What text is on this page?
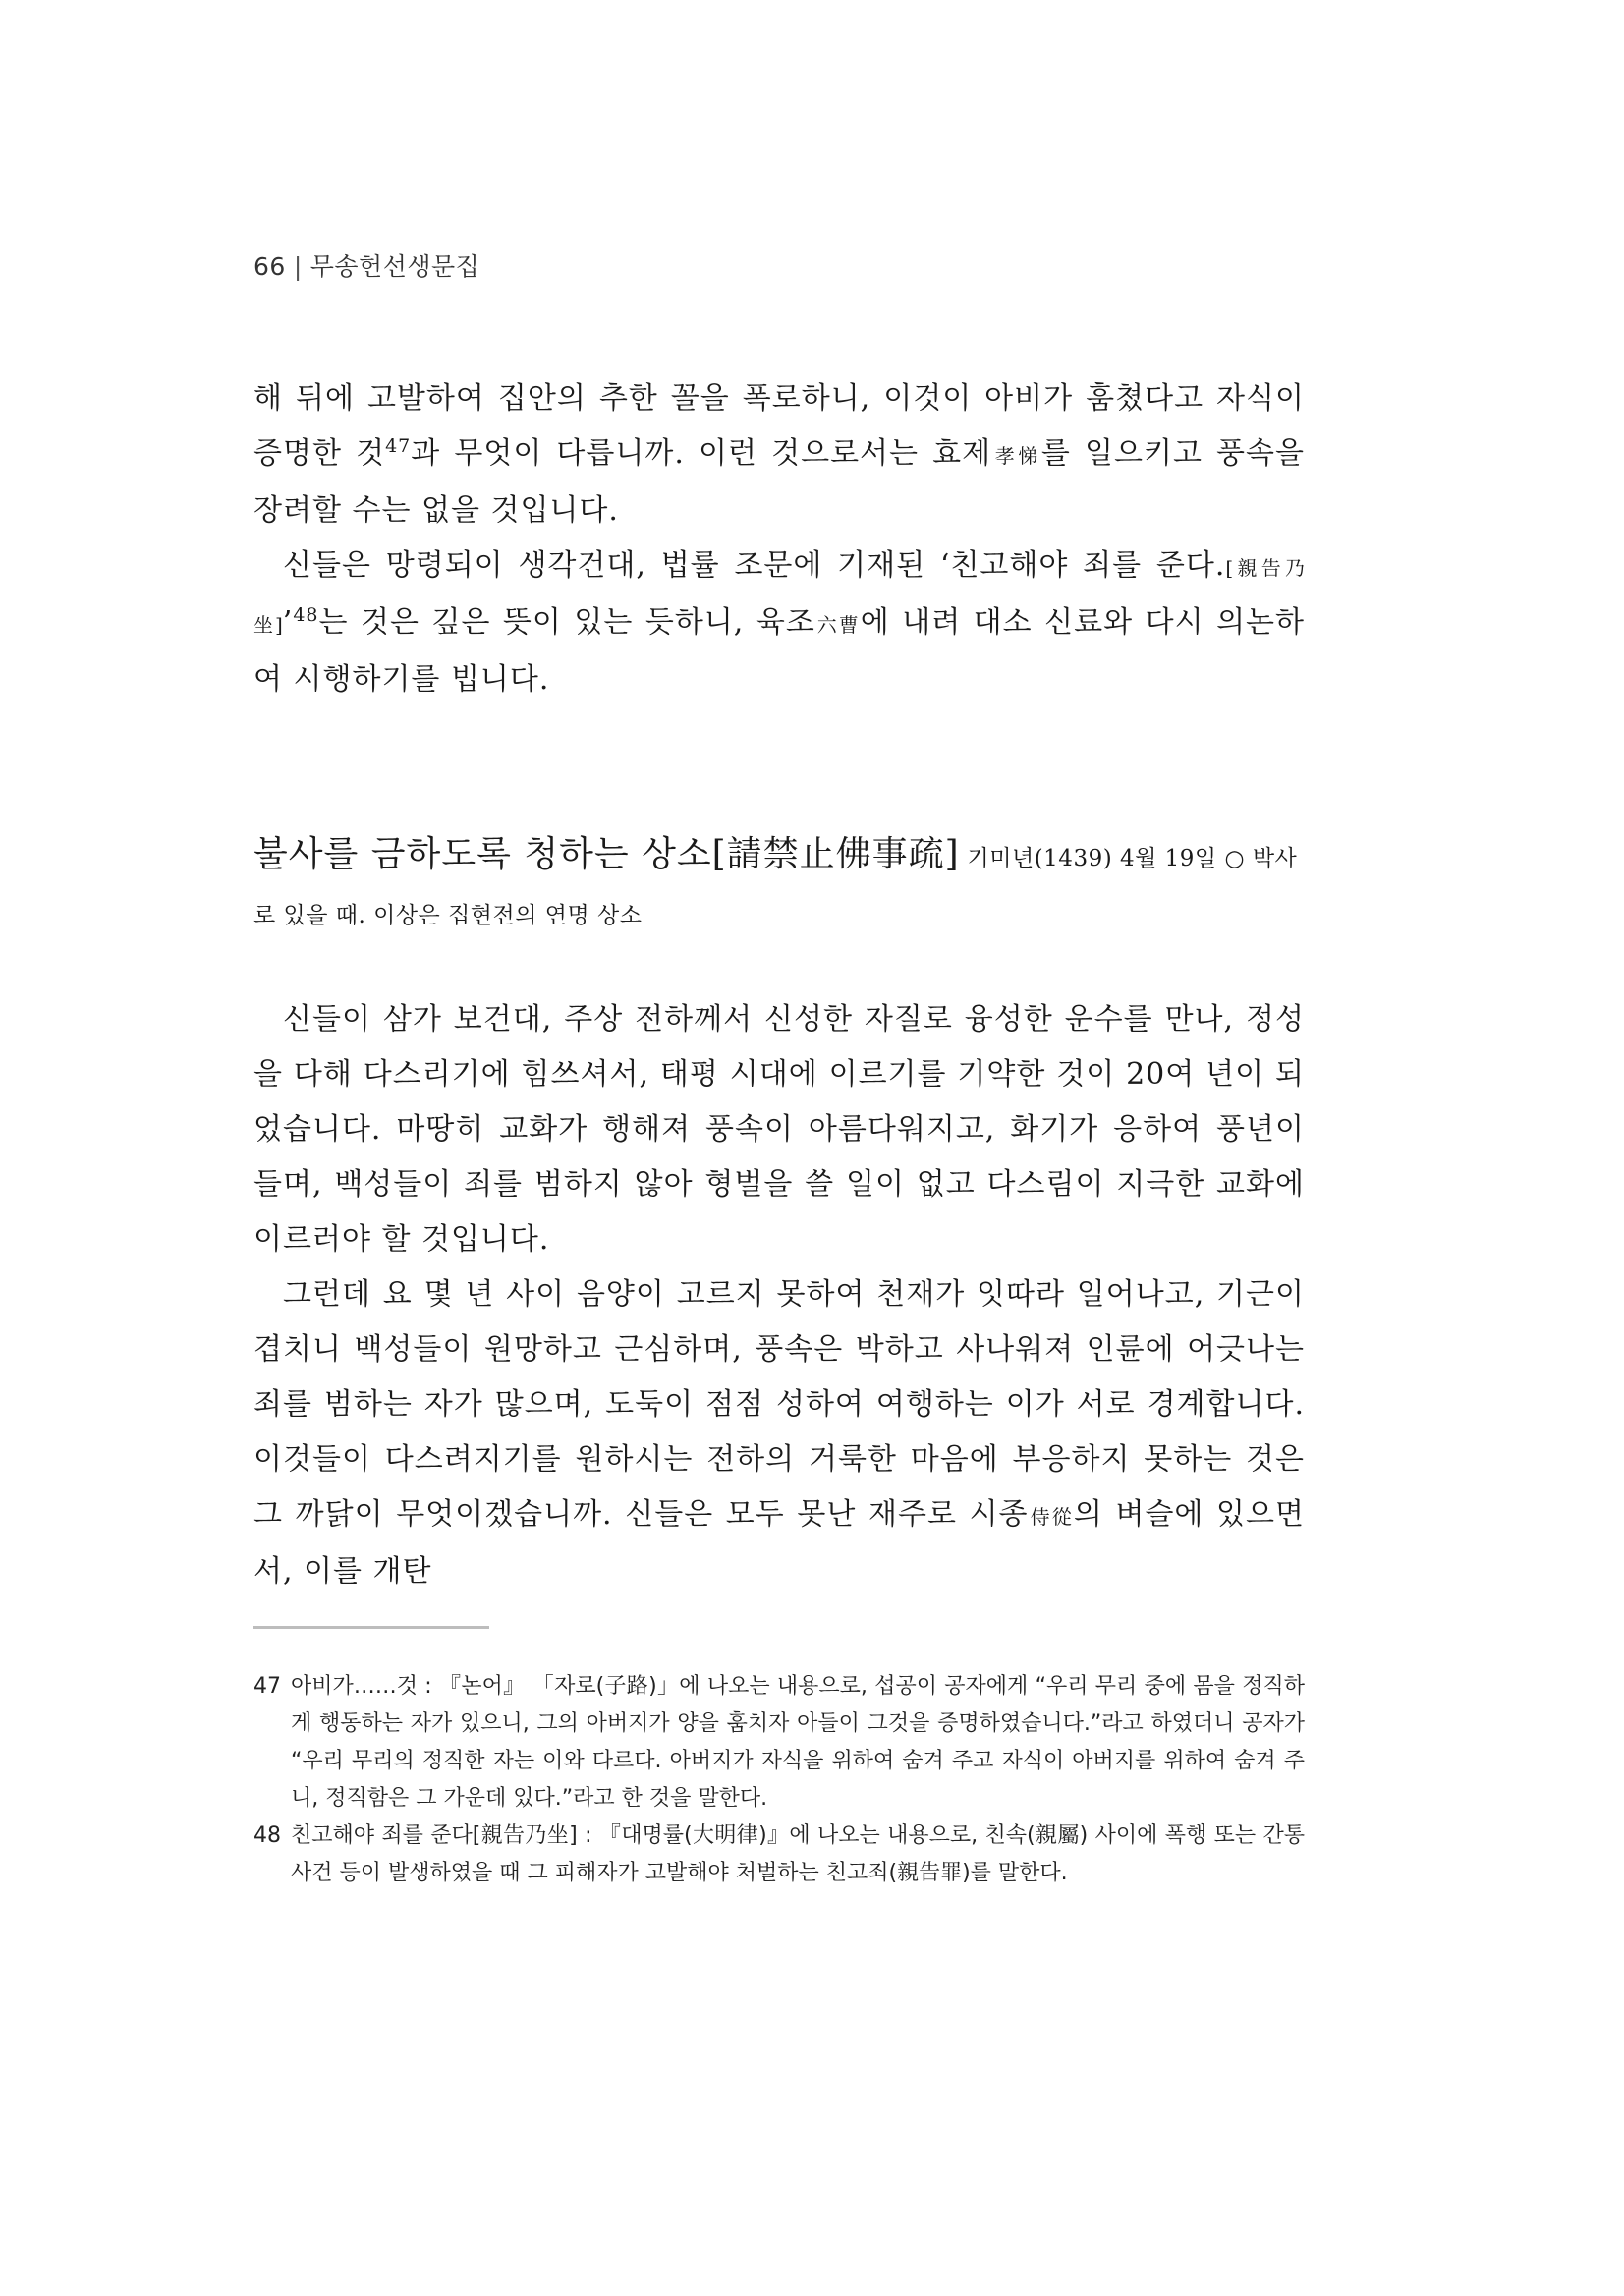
66 | 무송헌선생문집

해 뒤에 고발하여 집안의 추한 꼴을 폭로하니, 이것이 아비가 훔쳤다고 자식이 증명한 것$^{47}$과 무엇이 다릅니까. 이런 것으로서는 효제孝悌를 일으키고 풍속을 장려할 수는 없을 것입니다.

신들은 망령되이 생각건대, 법률 조문에 기재된 ‘친고해야 죄를 준다.[親告乃坐]’$^{48}$는 것은 깊은 뜻이 있는 듯하니, 육조六曹에 내려 대소 신료와 다시 의논하여 시행하기를 빕니다.

불사를 금하도록 청하는 상소[請禁止佛事疏] 기미년(1439) 4월 19일 ○ 박사로 있을 때. 이상은 집현전의 연명 상소

신들이 삼가 보건대, 주상 전하께서 신성한 자질로 융성한 운수를 만나, 정성을 다해 다스리기에 힘쓰셔서, 태평 시대에 이르기를 기약한 것이 20여 년이 되었습니다. 마땅히 교화가 행해져 풍속이 아름다워지고, 화기가 응하여 풍년이 들며, 백성들이 죄를 범하지 않아 형벌을 쓸 일이 없고 다스림이 지극한 교화에 이르러야 할 것입니다.

그런데 요 몇 년 사이 음양이 고르지 못하여 천재가 잇따라 일어나고, 기근이 겹치니 백성들이 원망하고 근심하며, 풍속은 박하고 사나워져 인륜에 어긋나는 죄를 범하는 자가 많으며, 도둑이 점점 성하여 여행하는 이가 서로 경계합니다. 이것들이 다스려지기를 원하시는 전하의 거룩한 마음에 부응하지 못하는 것은 그 까닭이 무엇이겠습니까. 신들은 모두 못난 재주로 시종侍從의 벼슬에 있으면서, 이를 개탄

47 아비가……것 : 『논어』 「자로(子路)」에 나오는 내용으로, 섭공이 공자에게 “우리 무리 중에 몸을 정직하게 행동하는 자가 있으니, 그의 아버지가 양을 훔치자 아들이 그것을 증명하였습니다.”라고 하였더니 공자가 “우리 무리의 정직한 자는 이와 다르다. 아버지가 자식을 위하여 숨겨 주고 자식이 아버지를 위하여 숨겨 주니, 정직함은 그 가운데 있다.”라고 한 것을 말한다.

48 친고해야 죄를 준다[親告乃坐] : 『대명률(大明律)』에 나오는 내용으로, 친속(親屬) 사이에 폭행 또는 간통 사건 등이 발생하였을 때 그 피해자가 고발해야 처벌하는 친고죄(親告罪)를 말한다.
